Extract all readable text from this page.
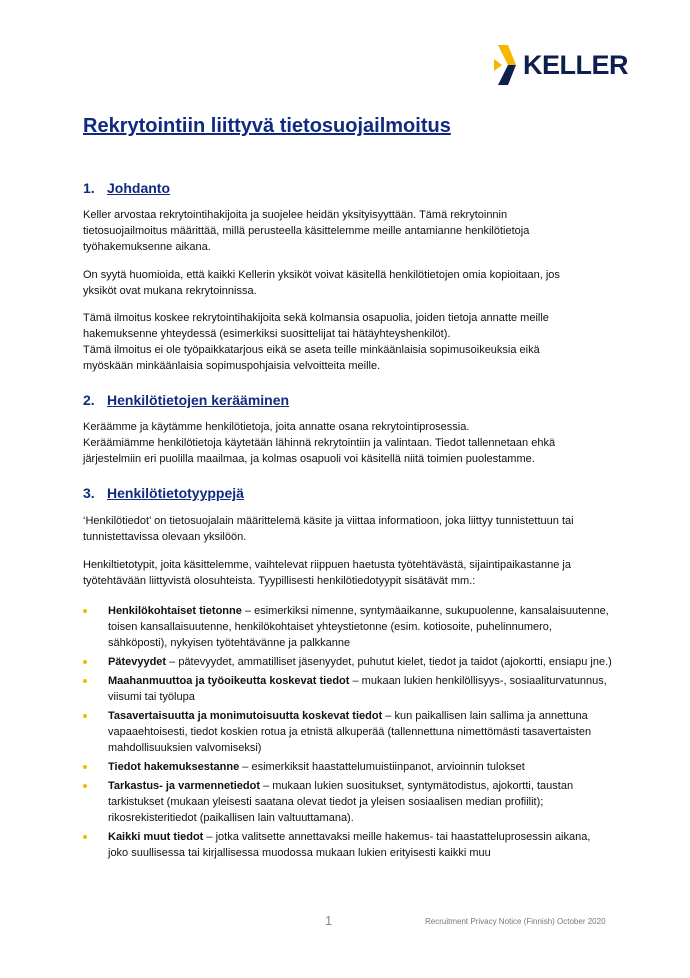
KELLER
Rekrytointiin liittyvä tietosuojailmoitus
1. Johdanto
Keller arvostaa rekrytointihakijoita ja suojelee heidän yksityisyyttään. Tämä rekrytoinnin
tietosuojailmoitus määrittää, millä perusteella käsittelemme meille antamianne henkilötietoja
työhakemuksenne aikana.
On syytä huomioida, että kaikki Kellerin yksiköt voivat käsitellä henkilötietojen omia kopioitaan, jos
yksiköt ovat mukana rekrytoinnissa.
Tämä ilmoitus koskee rekrytointihakijoita sekä kolmansia osapuolia, joiden tietoja annatte meille
hakemuksenne yhteydessä (esimerkiksi suosittelijat tai hätäyhteyshenkilöt).
Tämä ilmoitus ei ole työpaikkatarjous eikä se aseta teille minkäänlaisia sopimusoikeuksia eikä
myöskään minkäänlaisia sopimuspohjaisia velvoitteita meille.
2. Henkilötietojen kerääminen
Keräämme ja käytämme henkilötietoja, joita annatte osana rekrytointiprosessia.
Keräämiämme henkilötietoja käytetään lähinnä rekrytointiin ja valintaan. Tiedot tallennetaan ehkä
järjestelmiin eri puolilla maailmaa, ja kolmas osapuoli voi käsitellä niitä toimien puolestamme.
3. Henkilötietotyyppejä
‘Henkilötiedot’ on tietosuojalain määrittelemä käsite ja viittaa informatioon, joka liittyy tunnistettuun tai
tunnistettavissa olevaan yksilöön.
Henkiltietotypit, joita käsittelemme, vaihtelevat riippuen haetusta työtehtävästä, sijaintipaikastanne ja
työtehtävään liittyvistä olosuhteista. Tyypillisesti henkilötiedotyypit sisätävät mm.:
Henkilökohtaiset tietonne – esimerkiksi nimenne, syntymäaikanne, sukupuolenne, kansalaisuutenne, toisen kansallaisuutenne, henkilökohtaiset yhteystietonne (esim. kotiosoite, puhelinnumero, sähköposti), nykyisen työtehtävänne ja palkkanne
Pätevyydet – pätevyydet, ammatilliset jäsenyydet, puhutut kielet, tiedot ja taidot (ajokortti, ensiapu jne.)
Maahanmuuttoa ja työoikeutta koskevat tiedot – mukaan lukien henkilöllisyys-, sosiaaliturvatunnus, viisumi tai työlupa
Tasavertaisuutta ja monimutoisuutta koskevat tiedot – kun paikallisen lain sallima ja annettuna vapaaehtoisesti, tiedot koskien rotua ja etnistä alkuperää (tallennettuna nimettömästi tasavertaisten mahdollisuuksien valvomiseksi)
Tiedot hakemuksestanne – esimerkiksit haastattelumuistiinpanot, arvioinnin tulokset
Tarkastus- ja varmennetiedot – mukaan lukien suositukset, syntymätodistus, ajokortti, taustan tarkistukset (mukaan yleisesti saatana olevat tiedot ja yleisen sosiaalisen median profiilit); rikosrekisteritiedot (paikallisen lain valtuuttamana).
Kaikki muut tiedot – jotka valitsette annettavaksi meille hakemus- tai haastatteluprosessin aikana, joko suullisessa tai kirjallisessa muodossa mukaan lukien erityisesti kaikki muu
1	Recruitment Privacy Notice (Finnish) October 2020
